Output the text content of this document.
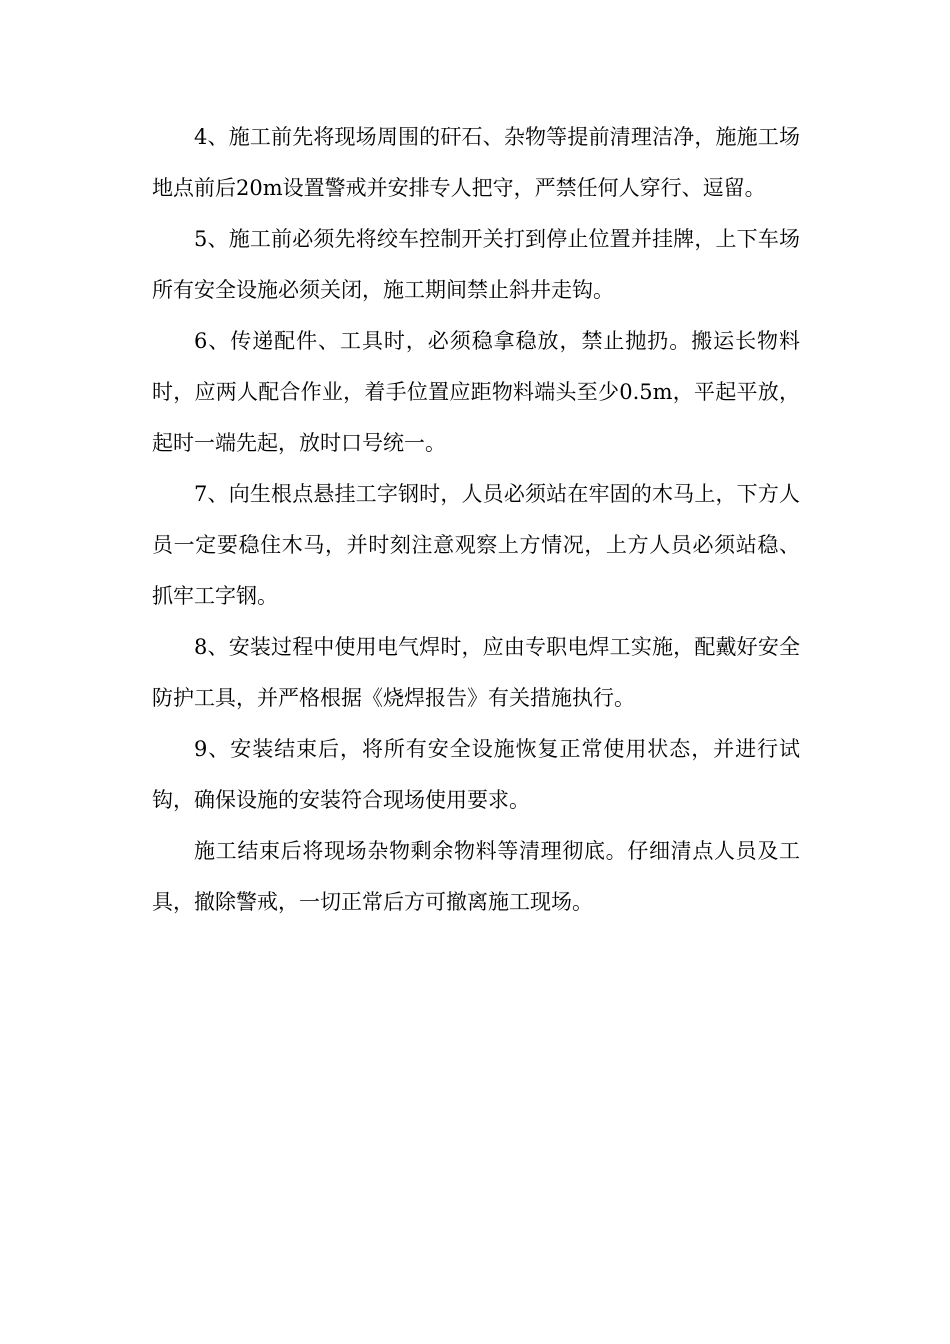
4、施工前先将现场周围的矸石、杂物等提前清理洁净，施施工场地点前后20m设置警戒并安排专人把守，严禁任何人穿行、逗留。

5、施工前必须先将绞车控制开关打到停止位置并挂牌，上下车场所有安全设施必须关闭，施工期间禁止斜井走钩。

6、传递配件、工具时，必须稳拿稳放，禁止抛扔。搬运长物料时，应两人配合作业，着手位置应距物料端头至少0.5m，平起平放，起时一端先起，放时口号统一。

7、向生根点悬挂工字钢时，人员必须站在牢固的木马上，下方人员一定要稳住木马，并时刻注意观察上方情况，上方人员必须站稳、抓牢工字钢。

8、安装过程中使用电气焊时，应由专职电焊工实施，配戴好安全防护工具，并严格根据《烧焊报告》有关措施执行。

9、安装结束后，将所有安全设施恢复正常使用状态，并进行试钩，确保设施的安装符合现场使用要求。

施工结束后将现场杂物剩余物料等清理彻底。仔细清点人员及工具，撤除警戒，一切正常后方可撤离施工现场。
